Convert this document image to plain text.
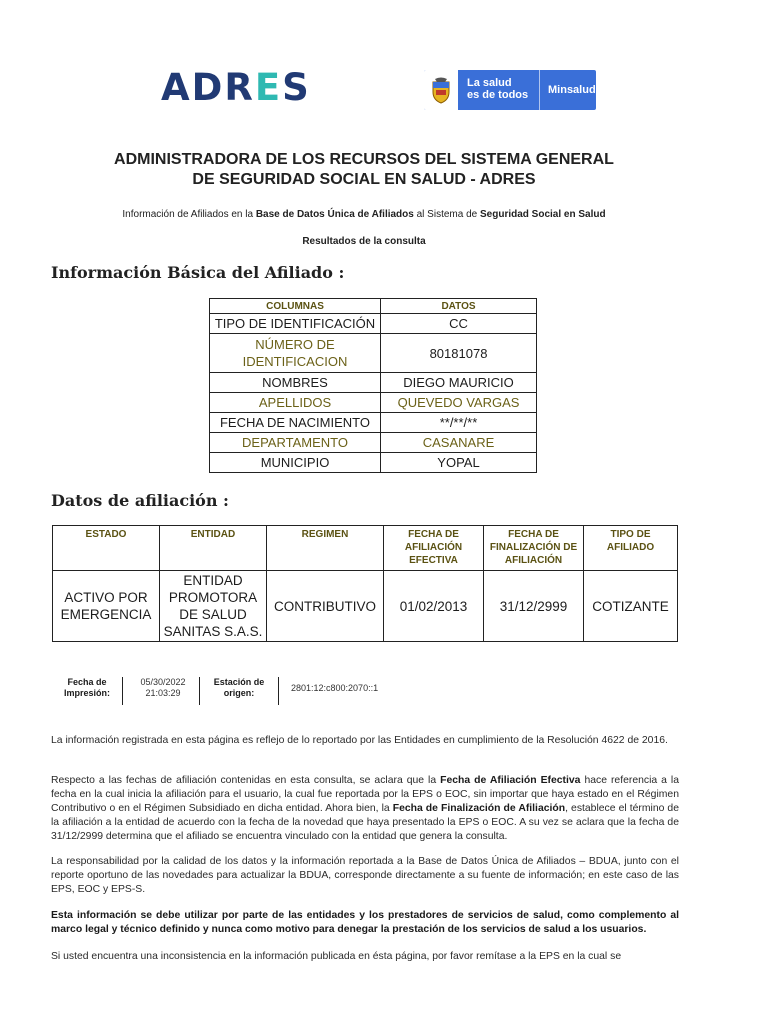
ADRES	La salud
es de todos	Minsalud
ADMINISTRADORA DE LOS RECURSOS DEL SISTEMA GENERAL
DE SEGURIDAD SOCIAL EN SALUD - ADRES
Información de Afiliados en la Base de Datos Única de Afiliados al Sistema de Seguridad Social en Salud
Resultados de la consulta
Información Básica del Afiliado :
COLUMNAS	DATOS
TIPO DE IDENTIFICACIÓN	CC
NÚMERO DE IDENTIFICACION	80181078
NOMBRES	DIEGO MAURICIO
APELLIDOS	QUEVEDO VARGAS
FECHA DE NACIMIENTO	**/**/**
DEPARTAMENTO	CASANARE
MUNICIPIO	YOPAL
Datos de afiliación :
ESTADO	ENTIDAD	REGIMEN	FECHA DE AFILIACIÓN EFECTIVA	FECHA DE FINALIZACIÓN DE AFILIACIÓN	TIPO DE AFILIADO
ACTIVO POR EMERGENCIA	ENTIDAD PROMOTORA DE SALUD SANITAS S.A.S.	CONTRIBUTIVO	01/02/2013	31/12/2999	COTIZANTE
Fecha de Impresión:
05/30/2022 21:03:29
Estación de origen:	2801:12:c800:2070::1
La información registrada en esta página es reflejo de lo reportado por las Entidades en cumplimiento de la Resolución 4622 de 2016.
Respecto a las fechas de afiliación contenidas en esta consulta, se aclara que la Fecha de Afiliación Efectiva hace referencia a la fecha en la cual inicia la afiliación para el usuario, la cual fue reportada por la EPS o EOC, sin importar que haya estado en el Régimen Contributivo o en el Régimen Subsidiado en dicha entidad. Ahora bien, la Fecha de Finalización de Afiliación, establece el término de la afiliación a la entidad de acuerdo con la fecha de la novedad que haya presentado la EPS o EOC. A su vez se aclara que la fecha de 31/12/2999 determina que el afiliado se encuentra vinculado con la entidad que genera la consulta.
La responsabilidad por la calidad de los datos y la información reportada a la Base de Datos Única de Afiliados – BDUA, junto con el reporte oportuno de las novedades para actualizar la BDUA, corresponde directamente a su fuente de información; en este caso de las EPS, EOC y EPS-S.
Esta información se debe utilizar por parte de las entidades y los prestadores de servicios de salud, como complemento al marco legal y técnico definido y nunca como motivo para denegar la prestación de los servicios de salud a los usuarios.
Si usted encuentra una inconsistencia en la información publicada en ésta página, por favor remítase a la EPS en la cual se
